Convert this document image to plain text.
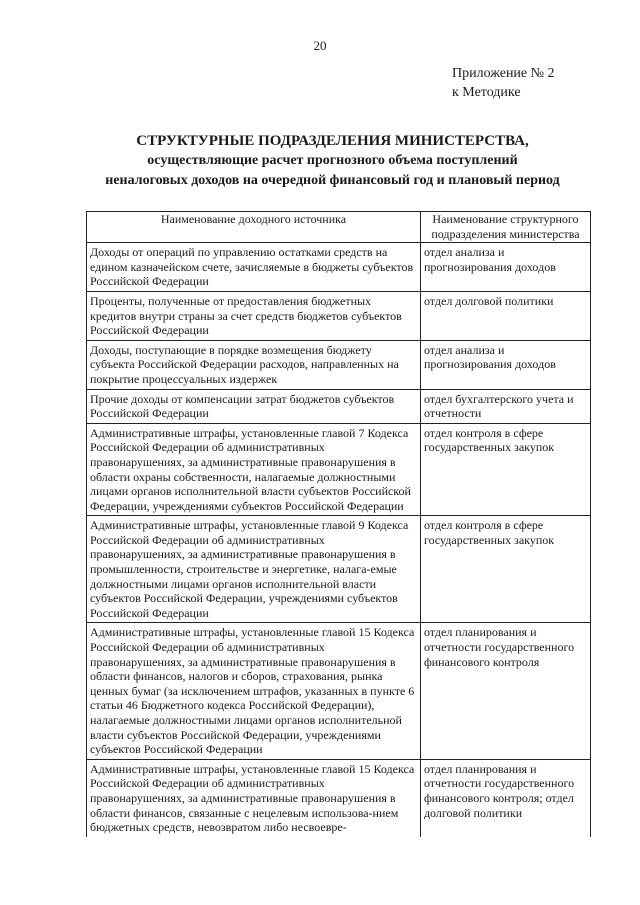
20
Приложение № 2
к Методике
СТРУКТУРНЫЕ ПОДРАЗДЕЛЕНИЯ МИНИСТЕРСТВА,
осуществляющие расчет прогнозного объема поступлений
неналоговых доходов на очередной финансовый год и плановый период
Наименование доходного источника	Наименование структурного подразделения министерства
Доходы от операций по управлению остатками средств на едином казначейском счете, зачисляемые в бюджеты субъектов Российской Федерации	отдел анализа и прогнозирования доходов
Проценты, полученные от предоставления бюджетных кредитов внутри страны за счет средств бюджетов субъектов Российской Федерации	отдел долговой политики
Доходы, поступающие в порядке возмещения бюджету субъекта Российской Федерации расходов, направленных на покрытие процессуальных издержек	отдел анализа и прогнозирования доходов
Прочие доходы от компенсации затрат бюджетов субъектов Российской Федерации	отдел бухгалтерского учета и отчетности
Административные штрафы, установленные главой 7 Кодекса Российской Федерации об административных правонарушениях, за административные правонарушения в области охраны собственности, налагаемые должностными лицами органов исполнительной власти субъектов Российской Федерации, учреждениями субъектов Российской Федерации	отдел контроля в сфере государственных закупок
Административные штрафы, установленные главой 9 Кодекса Российской Федерации об административных правонарушениях, за административные правонарушения в промышленности, строительстве и энергетике, налага-емые должностными лицами органов исполнительной власти субъектов Российской Федерации, учреждениями субъектов Российской Федерации	отдел контроля в сфере государственных закупок
Административные штрафы, установленные главой 15 Кодекса Российской Федерации об административных правонарушениях, за административные правонарушения в области финансов, налогов и сборов, страхования, рынка ценных бумаг (за исключением штрафов, указанных в пункте 6 статьи 46 Бюджетного кодекса Российской Федерации), налагаемые должностными лицами органов исполнительной власти субъектов Российской Федерации, учреждениями субъектов Российской Федерации	отдел планирования и отчетности государственного финансового контроля
Административные штрафы, установленные главой 15 Кодекса Российской Федерации об административных правонарушениях, за административные правонарушения в области финансов, связанные с нецелевым использова-нием бюджетных средств, невозвратом либо несвоевре-	отдел планирования и отчетности государственного финансового контроля; отдел долговой политики
